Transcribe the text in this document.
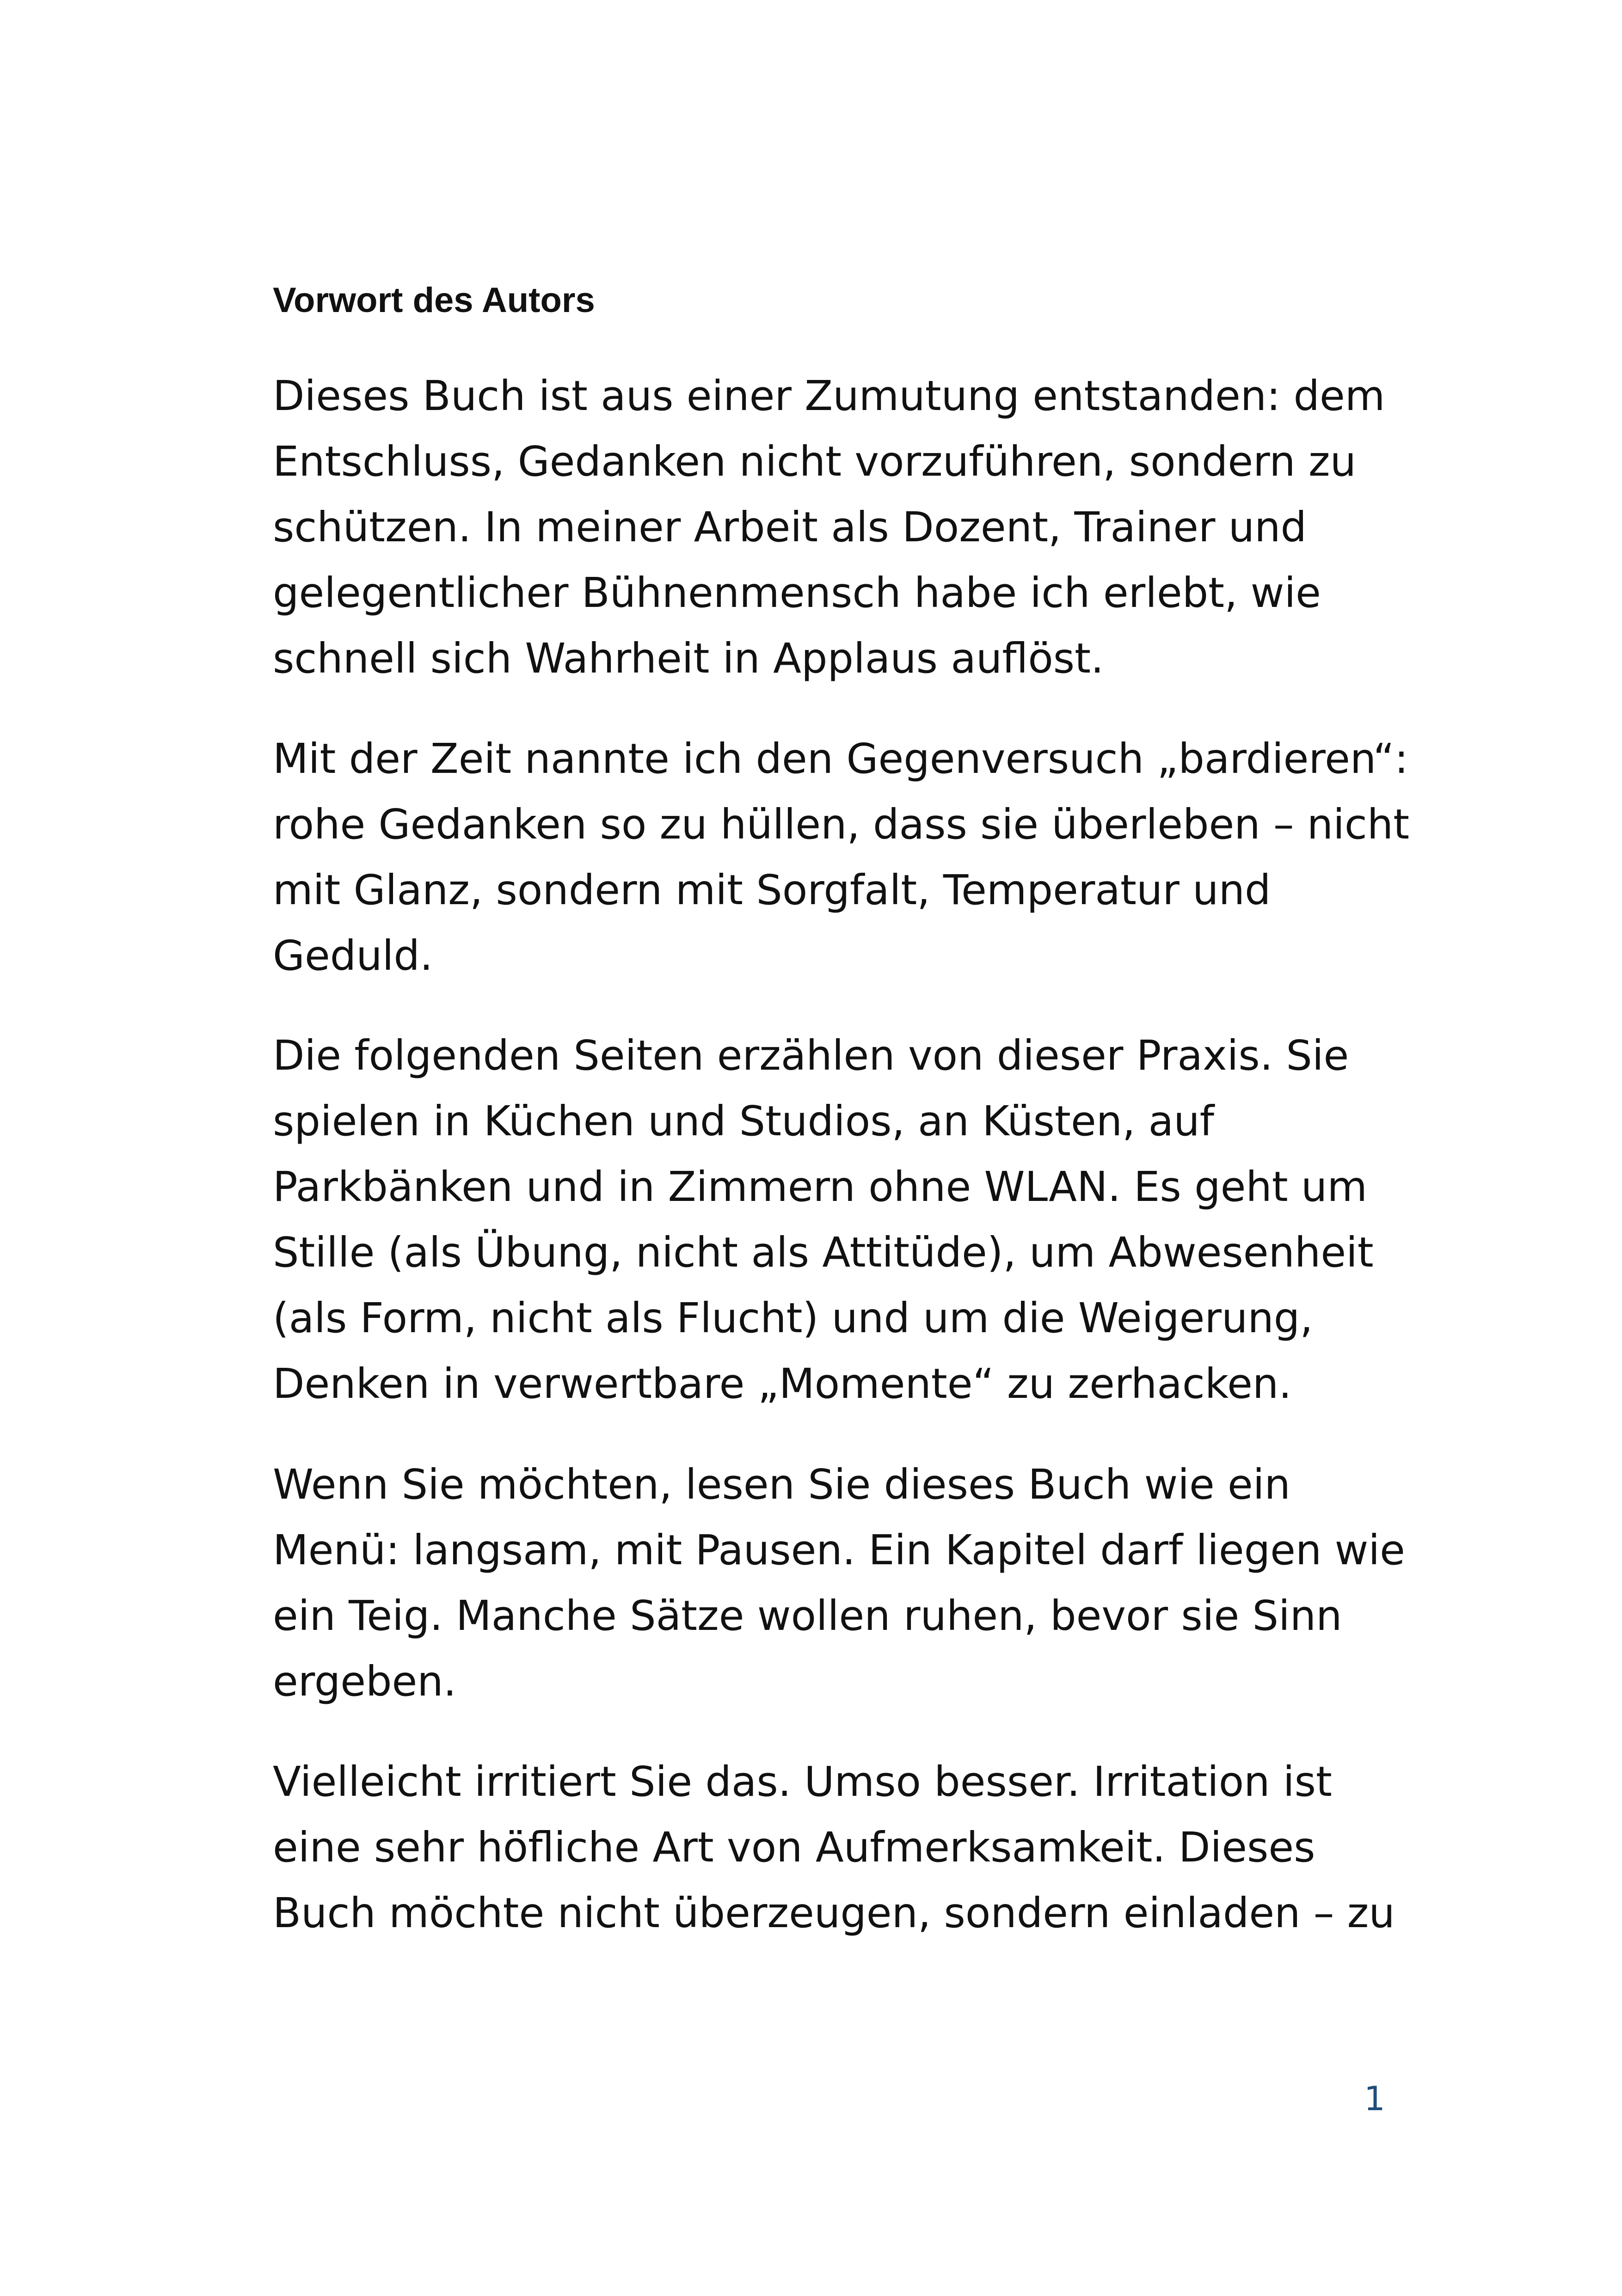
Vorwort des Autors

Dieses Buch ist aus einer Zumutung entstanden: dem
Entschluss, Gedanken nicht vorzuführen, sondern zu
schützen. In meiner Arbeit als Dozent, Trainer und
gelegentlicher Bühnenmensch habe ich erlebt, wie
schnell sich Wahrheit in Applaus auflöst.

Mit der Zeit nannte ich den Gegenversuch „bardieren“:
rohe Gedanken so zu hüllen, dass sie überleben – nicht
mit Glanz, sondern mit Sorgfalt, Temperatur und
Geduld.

Die folgenden Seiten erzählen von dieser Praxis. Sie
spielen in Küchen und Studios, an Küsten, auf
Parkbänken und in Zimmern ohne WLAN. Es geht um
Stille (als Übung, nicht als Attitüde), um Abwesenheit
(als Form, nicht als Flucht) und um die Weigerung,
Denken in verwertbare „Momente“ zu zerhacken.

Wenn Sie möchten, lesen Sie dieses Buch wie ein
Menü: langsam, mit Pausen. Ein Kapitel darf liegen wie
ein Teig. Manche Sätze wollen ruhen, bevor sie Sinn
ergeben.

Vielleicht irritiert Sie das. Umso besser. Irritation ist
eine sehr höfliche Art von Aufmerksamkeit. Dieses
Buch möchte nicht überzeugen, sondern einladen – zu

1
